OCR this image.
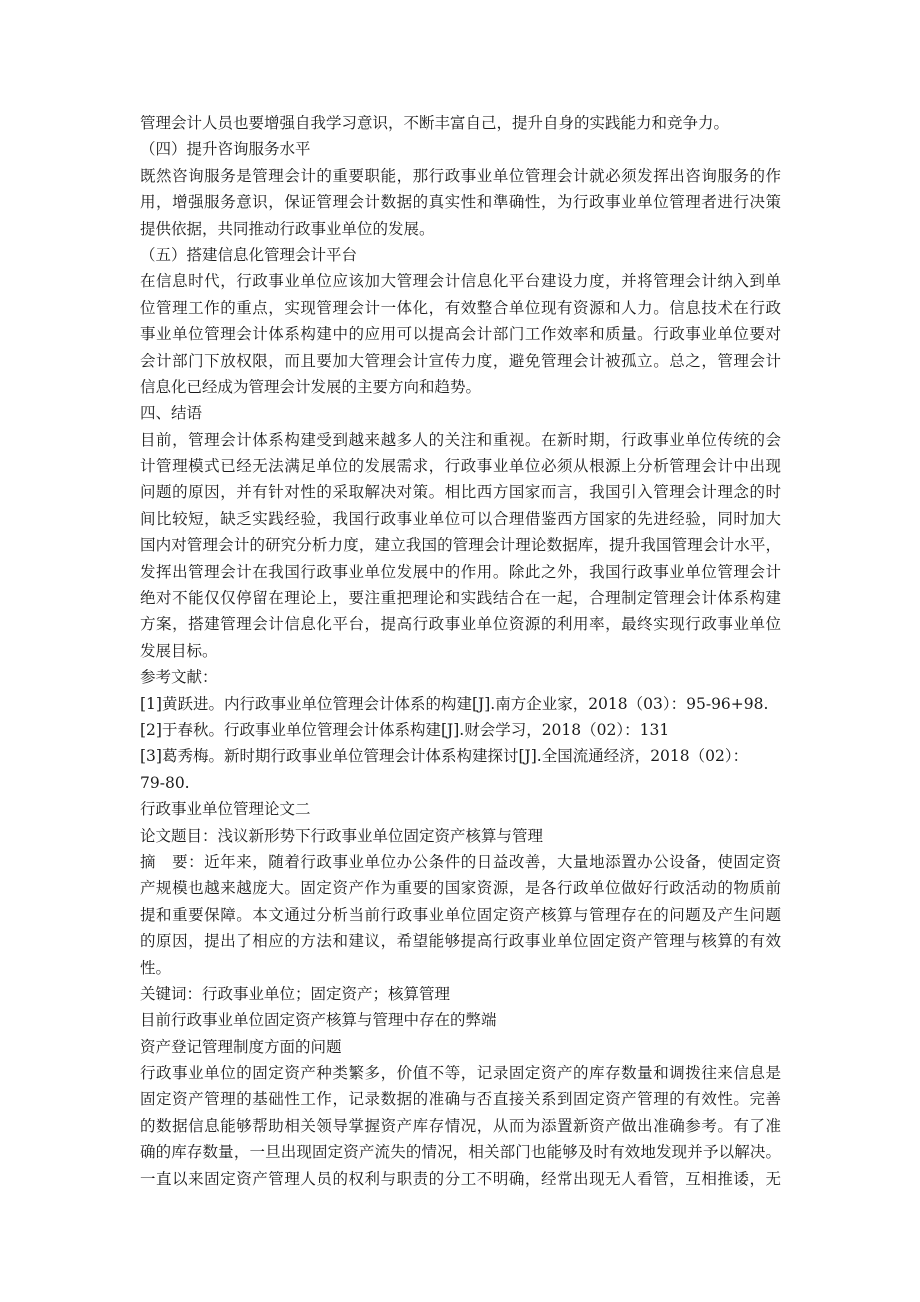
管理会计人员也要增强自我学习意识，不断丰富自己，提升自身的实践能力和竞争力。
（四）提升咨询服务水平
既然咨询服务是管理会计的重要职能，那行政事业单位管理会计就必须发挥出咨询服务的作
用，增强服务意识，保证管理会计数据的真实性和準确性，为行政事业单位管理者进行决策
提供依据，共同推动行政事业单位的发展。
（五）搭建信息化管理会计平台
在信息时代，行政事业单位应该加大管理会计信息化平台建设力度，并将管理会计纳入到单
位管理工作的重点，实现管理会计一体化，有效整合单位现有资源和人力。信息技术在行政
事业单位管理会计体系构建中的应用可以提高会计部门工作效率和质量。行政事业单位要对
会计部门下放权限，而且要加大管理会计宣传力度，避免管理会计被孤立。总之，管理会计
信息化已经成为管理会计发展的主要方向和趋势。
四、结语
目前，管理会计体系构建受到越来越多人的关注和重视。在新时期，行政事业单位传统的会
计管理模式已经无法满足单位的发展需求，行政事业单位必须从根源上分析管理会计中出现
问题的原因，并有针对性的采取解决对策。相比西方国家而言，我国引入管理会计理念的时
间比较短，缺乏实践经验，我国行政事业单位可以合理借鉴西方国家的先进经验，同时加大
国内对管理会计的研究分析力度，建立我国的管理会计理论数据库，提升我国管理会计水平，
发挥出管理会计在我国行政事业单位发展中的作用。除此之外，我国行政事业单位管理会计
绝对不能仅仅停留在理论上，要注重把理论和实践结合在一起，合理制定管理会计体系构建
方案，搭建管理会计信息化平台，提高行政事业单位资源的利用率，最终实现行政事业单位
发展目标。
参考文献：
[1]黄跃进。内行政事业单位管理会计体系的构建[J].南方企业家，2018（03）：95-96+98.
[2]于春秋。行政事业单位管理会计体系构建[J].财会学习，2018（02）：131
[3]葛秀梅。新时期行政事业单位管理会计体系构建探讨[J].全国流通经济，2018（02）：
79-80.
行政事业单位管理论文二
论文题目：浅议新形势下行政事业单位固定资产核算与管理
摘　要：近年来，随着行政事业单位办公条件的日益改善，大量地添置办公设备，使固定资
产规模也越来越庞大。固定资产作为重要的国家资源，是各行政单位做好行政活动的物质前
提和重要保障。本文通过分析当前行政事业单位固定资产核算与管理存在的问题及产生问题
的原因，提出了相应的方法和建议，希望能够提高行政事业单位固定资产管理与核算的有效
性。
关键词：行政事业单位；固定资产；核算管理
目前行政事业单位固定资产核算与管理中存在的弊端
资产登记管理制度方面的问题
行政事业单位的固定资产种类繁多，价值不等，记录固定资产的库存数量和调拨往来信息是
固定资产管理的基础性工作，记录数据的准确与否直接关系到固定资产管理的有效性。完善
的数据信息能够帮助相关领导掌握资产库存情况，从而为添置新资产做出准确参考。有了准
确的库存数量，一旦出现固定资产流失的情况，相关部门也能够及时有效地发现并予以解决。
一直以来固定资产管理人员的权利与职责的分工不明确，经常出现无人看管，互相推诿，无
